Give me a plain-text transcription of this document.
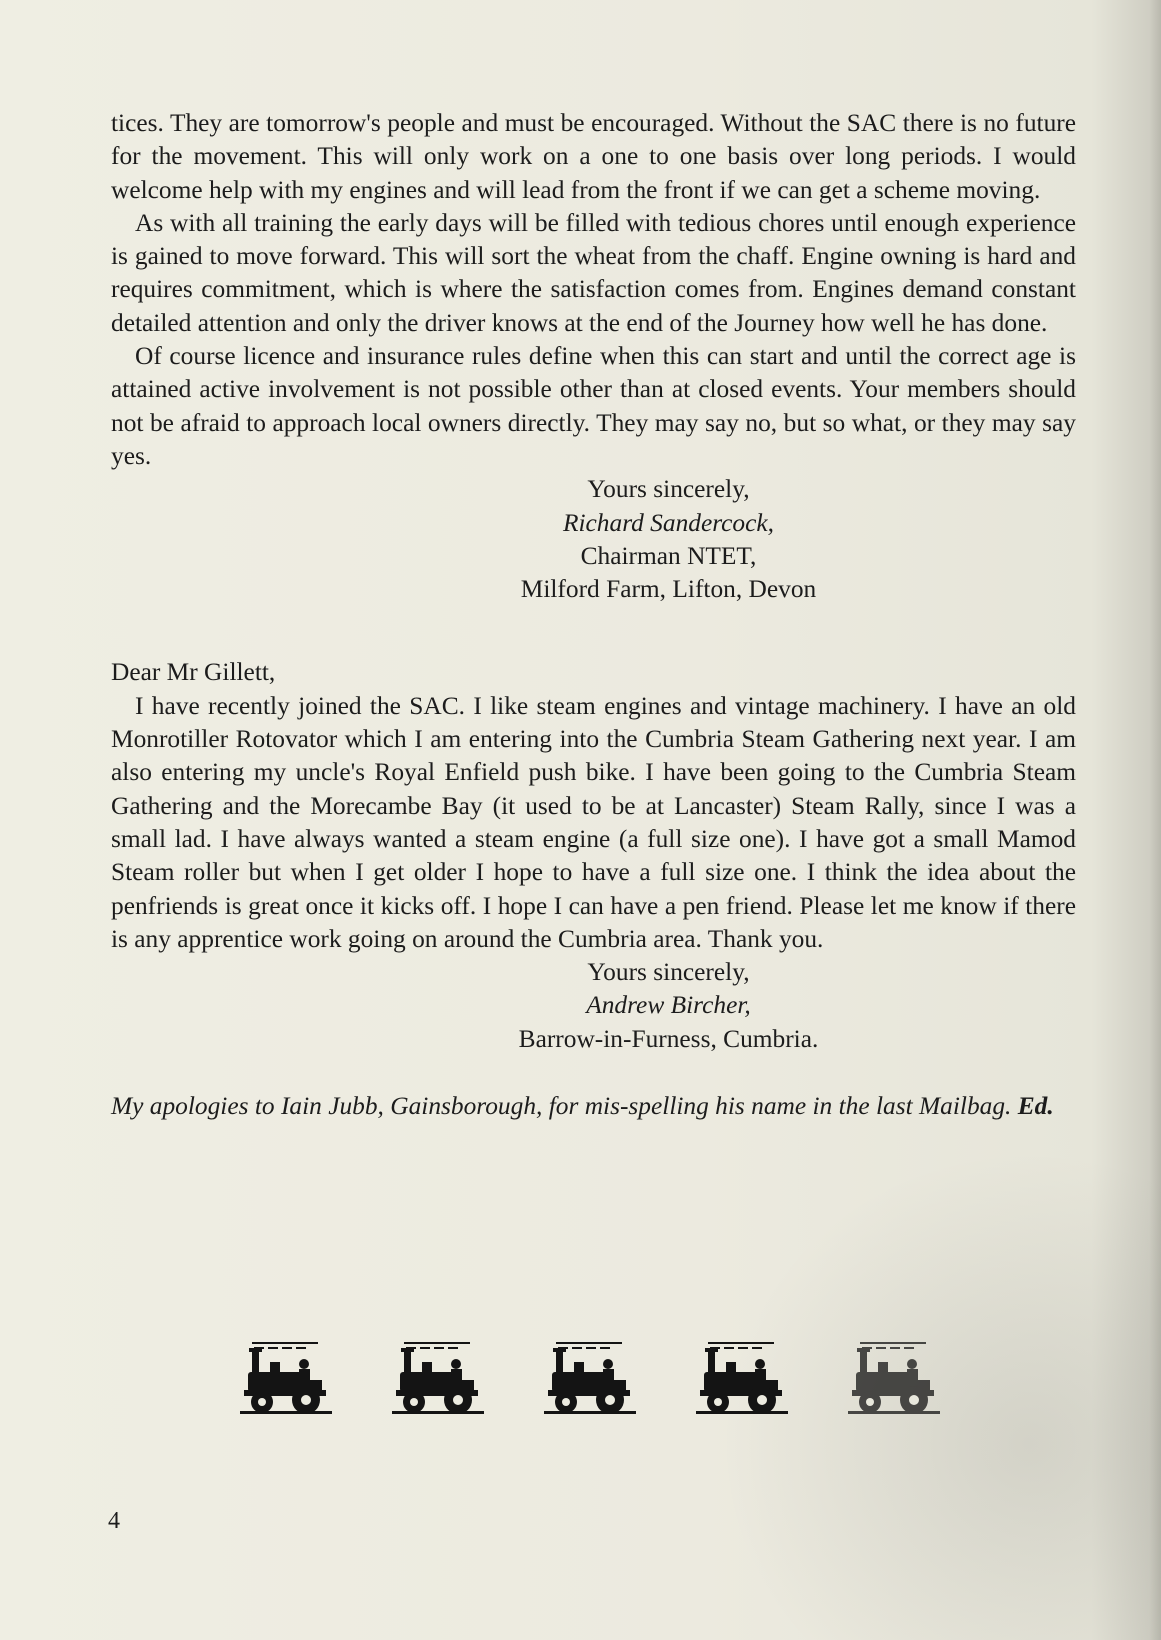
tices. They are tomorrow's people and must be encouraged. Without the SAC there is no future for the movement. This will only work on a one to one basis over long periods. I would welcome help with my engines and will lead from the front if we can get a scheme moving.

As with all training the early days will be filled with tedious chores until enough experience is gained to move forward. This will sort the wheat from the chaff. Engine owning is hard and requires commitment, which is where the satisfaction comes from. Engines demand constant detailed attention and only the driver knows at the end of the Journey how well he has done.

Of course licence and insurance rules define when this can start and until the correct age is attained active involvement is not possible other than at closed events. Your members should not be afraid to approach local owners directly. They may say no, but so what, or they may say yes.

Yours sincerely,
Richard Sandercock,
Chairman NTET,
Milford Farm, Lifton, Devon

Dear Mr Gillett,

I have recently joined the SAC. I like steam engines and vintage machinery. I have an old Monrotiller Rotovator which I am entering into the Cumbria Steam Gathering next year. I am also entering my uncle's Royal Enfield push bike. I have been going to the Cumbria Steam Gathering and the Morecambe Bay (it used to be at Lancaster) Steam Rally, since I was a small lad. I have always wanted a steam engine (a full size one). I have got a small Mamod Steam roller but when I get older I hope to have a full size one. I think the idea about the penfriends is great once it kicks off. I hope I can have a pen friend. Please let me know if there is any apprentice work going on around the Cumbria area. Thank you.

Yours sincerely,
Andrew Bircher,
Barrow-in-Furness, Cumbria.
My apologies to Iain Jubb, Gainsborough, for mis-spelling his name in the last Mailbag. Ed.
4
